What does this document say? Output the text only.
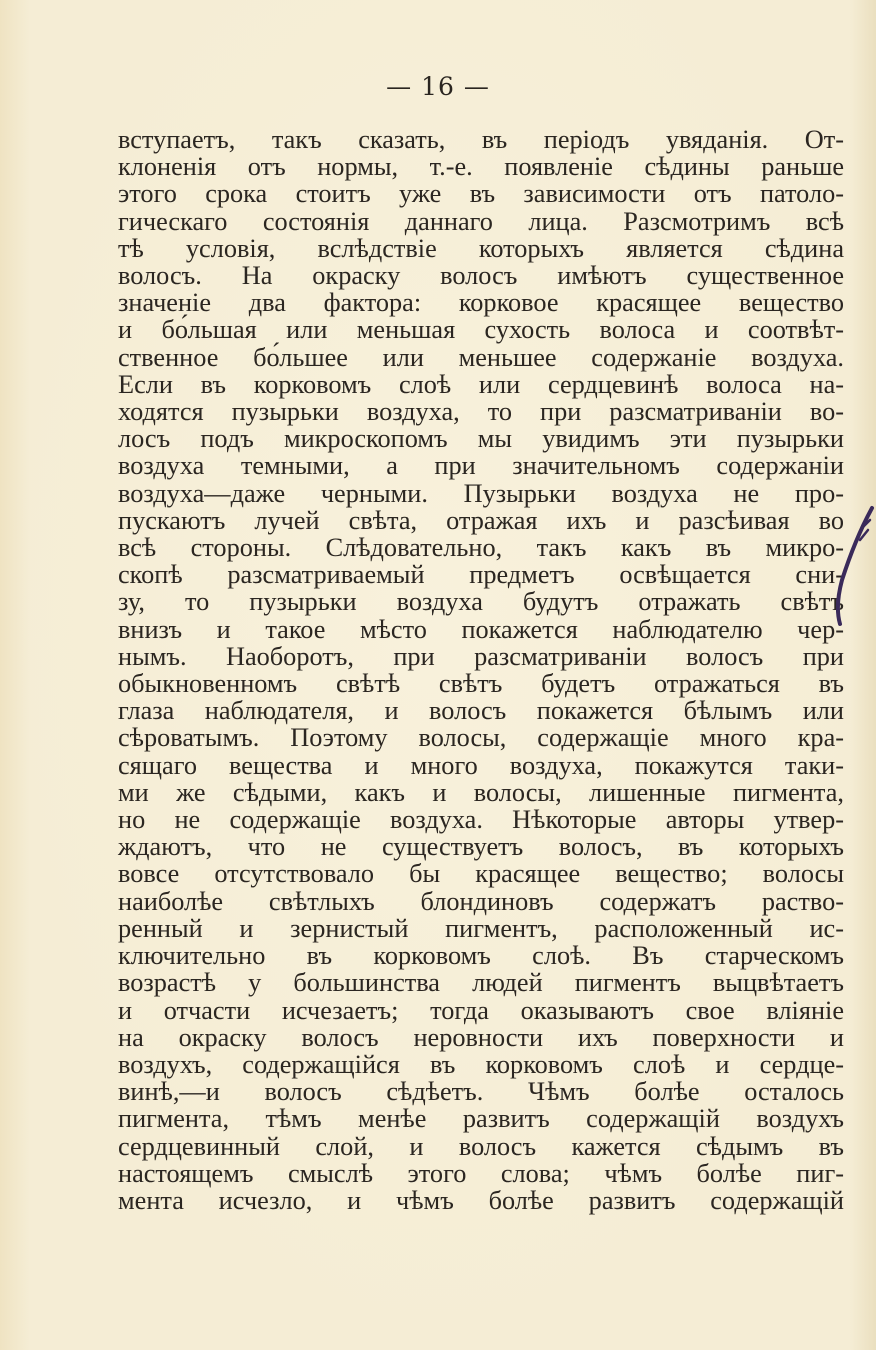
— 16 —
вступаетъ, такъ сказать, въ періодъ увяданія. От-
клоненія отъ нормы, т.-е. появленіе сѣдины раньше
этого срока стоитъ уже въ зависимости отъ патоло-
гическаго состоянія даннаго лица. Разсмотримъ всѣ
тѣ условія, вслѣдствіе которыхъ является сѣдина
волосъ. На окраску волосъ имѣютъ существенное
значеніе два фактора: корковое красящее вещество
и бо́льшая или меньшая сухость волоса и соотвѣт-
ственное бо́льшее или меньшее содержаніе воздуха.
Если въ корковомъ слоѣ или сердцевинѣ волоса на-
ходятся пузырьки воздуха, то при разсматриваніи во-
лосъ подъ микроскопомъ мы увидимъ эти пузырьки
воздуха темными, а при значительномъ содержаніи
воздуха—даже черными. Пузырьки воздуха не про-
пускаютъ лучей свѣта, отражая ихъ и разсѣивая во
всѣ стороны. Слѣдовательно, такъ какъ въ микро-
скопѣ разсматриваемый предметъ освѣщается сни-
зу, то пузырьки воздуха будутъ отражать свѣтъ
внизъ и такое мѣсто покажется наблюдателю чер-
нымъ. Наоборотъ, при разсматриваніи волосъ при
обыкновенномъ свѣтѣ свѣтъ будетъ отражаться въ
глаза наблюдателя, и волосъ покажется бѣлымъ или
сѣроватымъ. Поэтому волосы, содержащіе много кра-
сящаго вещества и много воздуха, покажутся таки-
ми же сѣдыми, какъ и волосы, лишенные пигмента,
но не содержащіе воздуха. Нѣкоторые авторы утвер-
ждаютъ, что не существуетъ волосъ, въ которыхъ
вовсе отсутствовало бы красящее вещество; волосы
наиболѣе свѣтлыхъ блондиновъ содержатъ раство-
ренный и зернистый пигментъ, расположенный ис-
ключительно въ корковомъ слоѣ. Въ старческомъ
возрастѣ у большинства людей пигментъ выцвѣтаетъ
и отчасти исчезаетъ; тогда оказываютъ свое вліяніе
на окраску волосъ неровности ихъ поверхности и
воздухъ, содержащійся въ корковомъ слоѣ и сердце-
винѣ,—и волосъ сѣдѣетъ. Чѣмъ болѣе осталось
пигмента, тѣмъ менѣе развитъ содержащій воздухъ
сердцевинный слой, и волосъ кажется сѣдымъ въ
настоящемъ смыслѣ этого слова; чѣмъ болѣе пиг-
мента исчезло, и чѣмъ болѣе развитъ содержащій
